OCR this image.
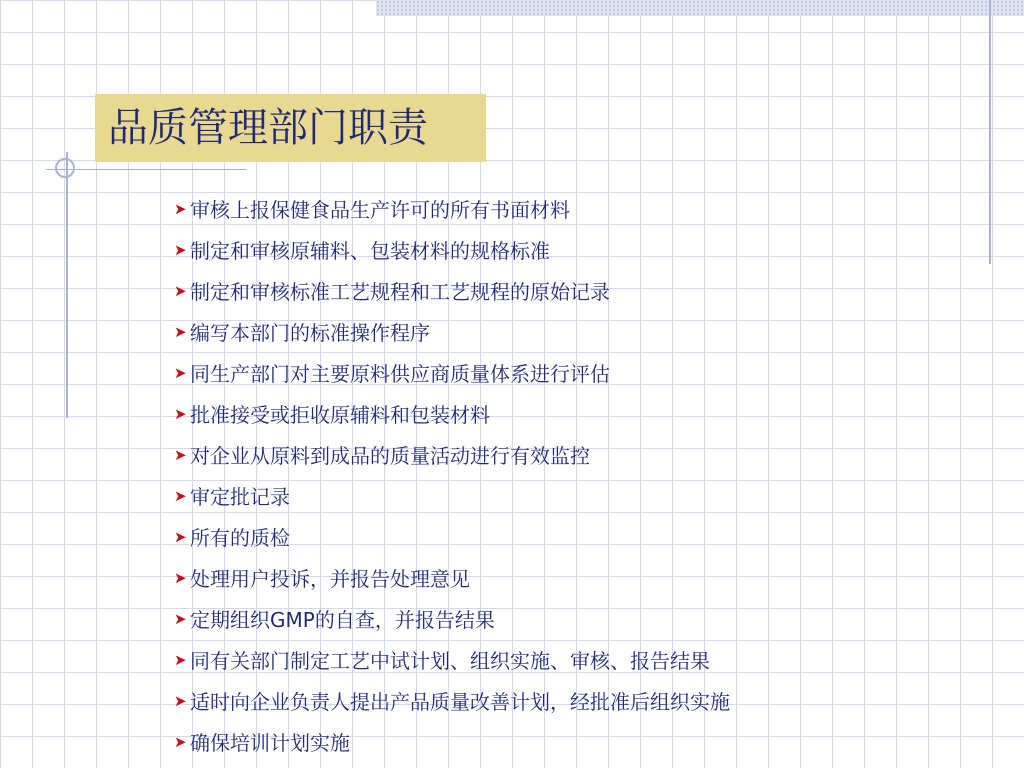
品质管理部门职责
➤ 审核上报保健食品生产许可的所有书面材料
➤ 制定和审核原辅料、包装材料的规格标准
➤ 制定和审核标准工艺规程和工艺规程的原始记录
➤ 编写本部门的标准操作程序
➤ 同生产部门对主要原料供应商质量体系进行评估
➤ 批准接受或拒收原辅料和包装材料
➤ 对企业从原料到成品的质量活动进行有效监控
➤ 审定批记录
➤ 所有的质检
➤ 处理用户投诉，并报告处理意见
➤ 定期组织GMP的自查，并报告结果
➤ 同有关部门制定工艺中试计划、组织实施、审核、报告结果
➤ 适时向企业负责人提出产品质量改善计划，经批准后组织实施
➤ 确保培训计划实施
